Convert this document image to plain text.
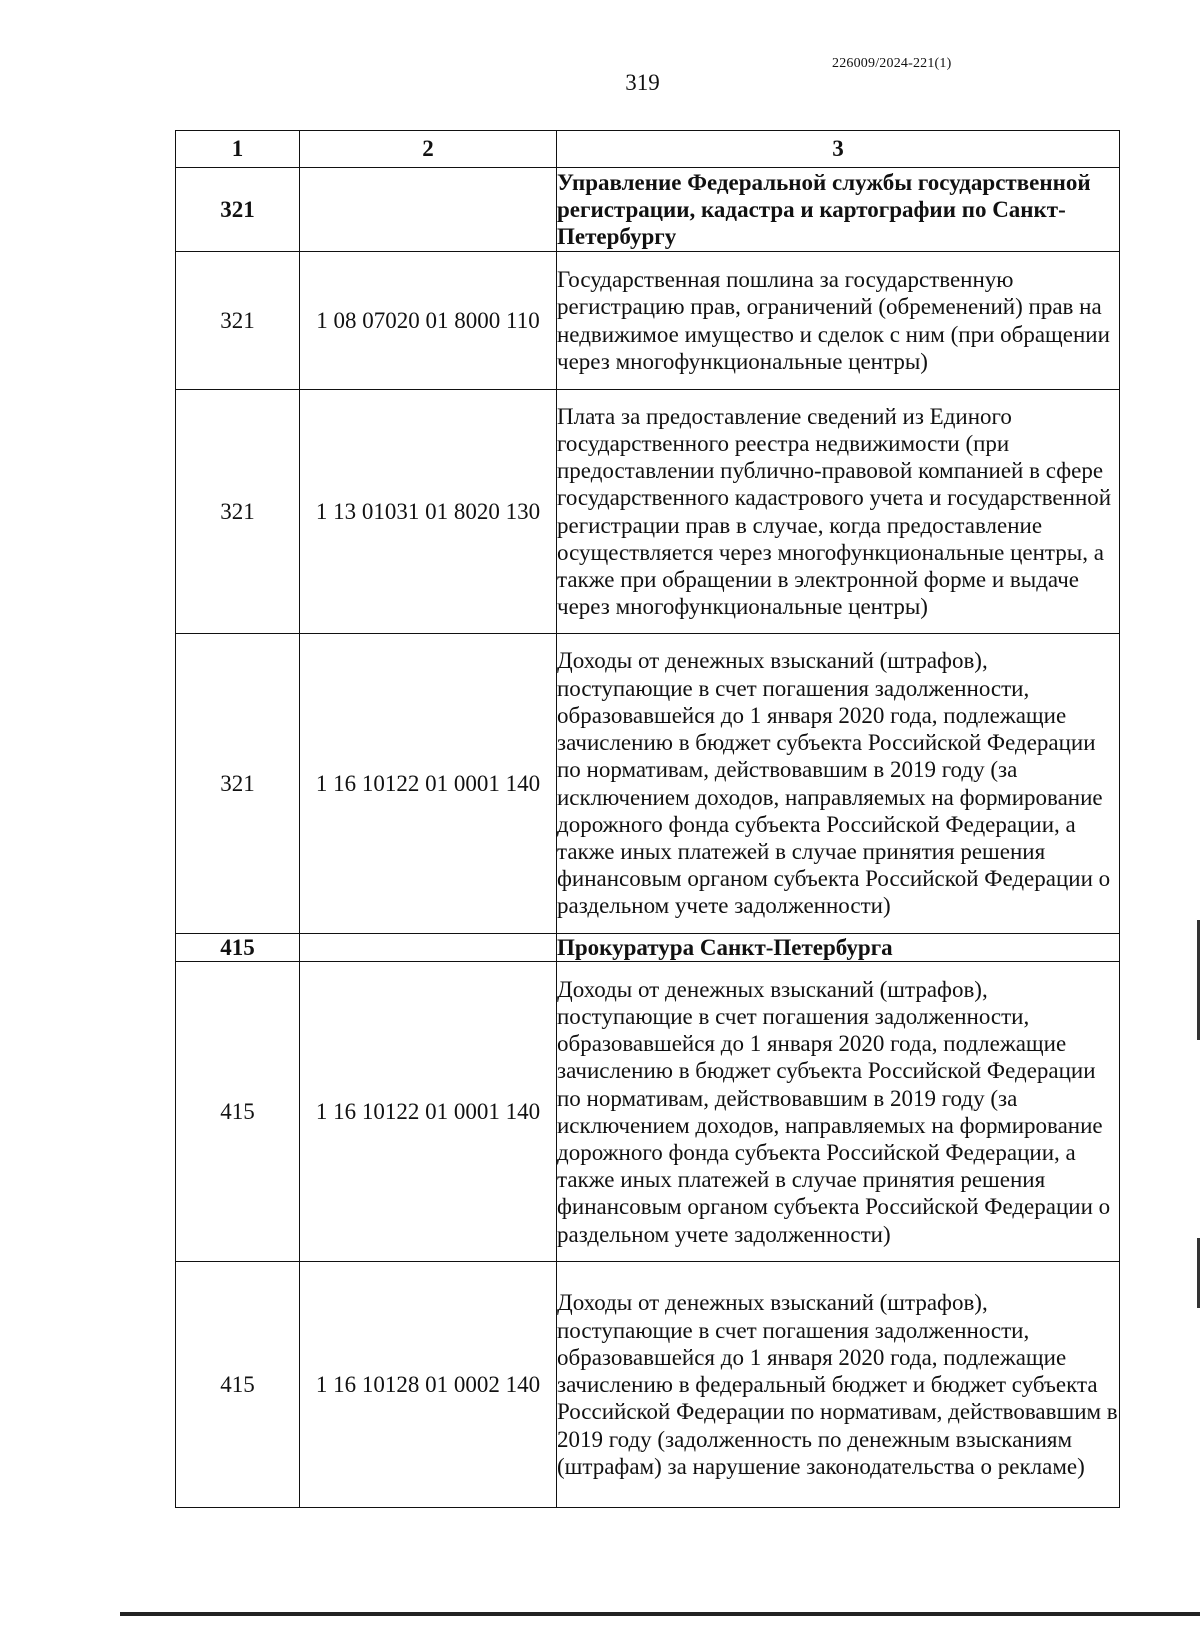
226009/2024-221(1)
319
1	2	3
321		Управление Федеральной службы государственной регистрации, кадастра и картографии по Санкт-Петербургу
321	1 08 07020 01 8000 110	Государственная пошлина за государственную регистрацию прав, ограничений (обременений) прав на недвижимое имущество и сделок с ним (при обращении через многофункциональные центры)
321	1 13 01031 01 8020 130	Плата за предоставление сведений из Единого государственного реестра недвижимости (при предоставлении публично-правовой компанией в сфере государственного кадастрового учета и государственной регистрации прав в случае, когда предоставление осуществляется через многофункциональные центры, а также при обращении в электронной форме и выдаче через многофункциональные центры)
321	1 16 10122 01 0001 140	Доходы от денежных взысканий (штрафов), поступающие в счет погашения задолженности, образовавшейся до 1 января 2020 года, подлежащие зачислению в бюджет субъекта Российской Федерации по нормативам, действовавшим в 2019 году (за исключением доходов, направляемых на формирование дорожного фонда субъекта Российской Федерации, а также иных платежей в случае принятия решения финансовым органом субъекта Российской Федерации о раздельном учете задолженности)
415		Прокуратура Санкт-Петербурга
415	1 16 10122 01 0001 140	Доходы от денежных взысканий (штрафов), поступающие в счет погашения задолженности, образовавшейся до 1 января 2020 года, подлежащие зачислению в бюджет субъекта Российской Федерации по нормативам, действовавшим в 2019 году (за исключением доходов, направляемых на формирование дорожного фонда субъекта Российской Федерации, а также иных платежей в случае принятия решения финансовым органом субъекта Российской Федерации о раздельном учете задолженности)
415	1 16 10128 01 0002 140	Доходы от денежных взысканий (штрафов), поступающие в счет погашения задолженности, образовавшейся до 1 января 2020 года, подлежащие зачислению в федеральный бюджет и бюджет субъекта Российской Федерации по нормативам, действовавшим в 2019 году (задолженность по денежным взысканиям (штрафам) за нарушение законодательства о рекламе)
